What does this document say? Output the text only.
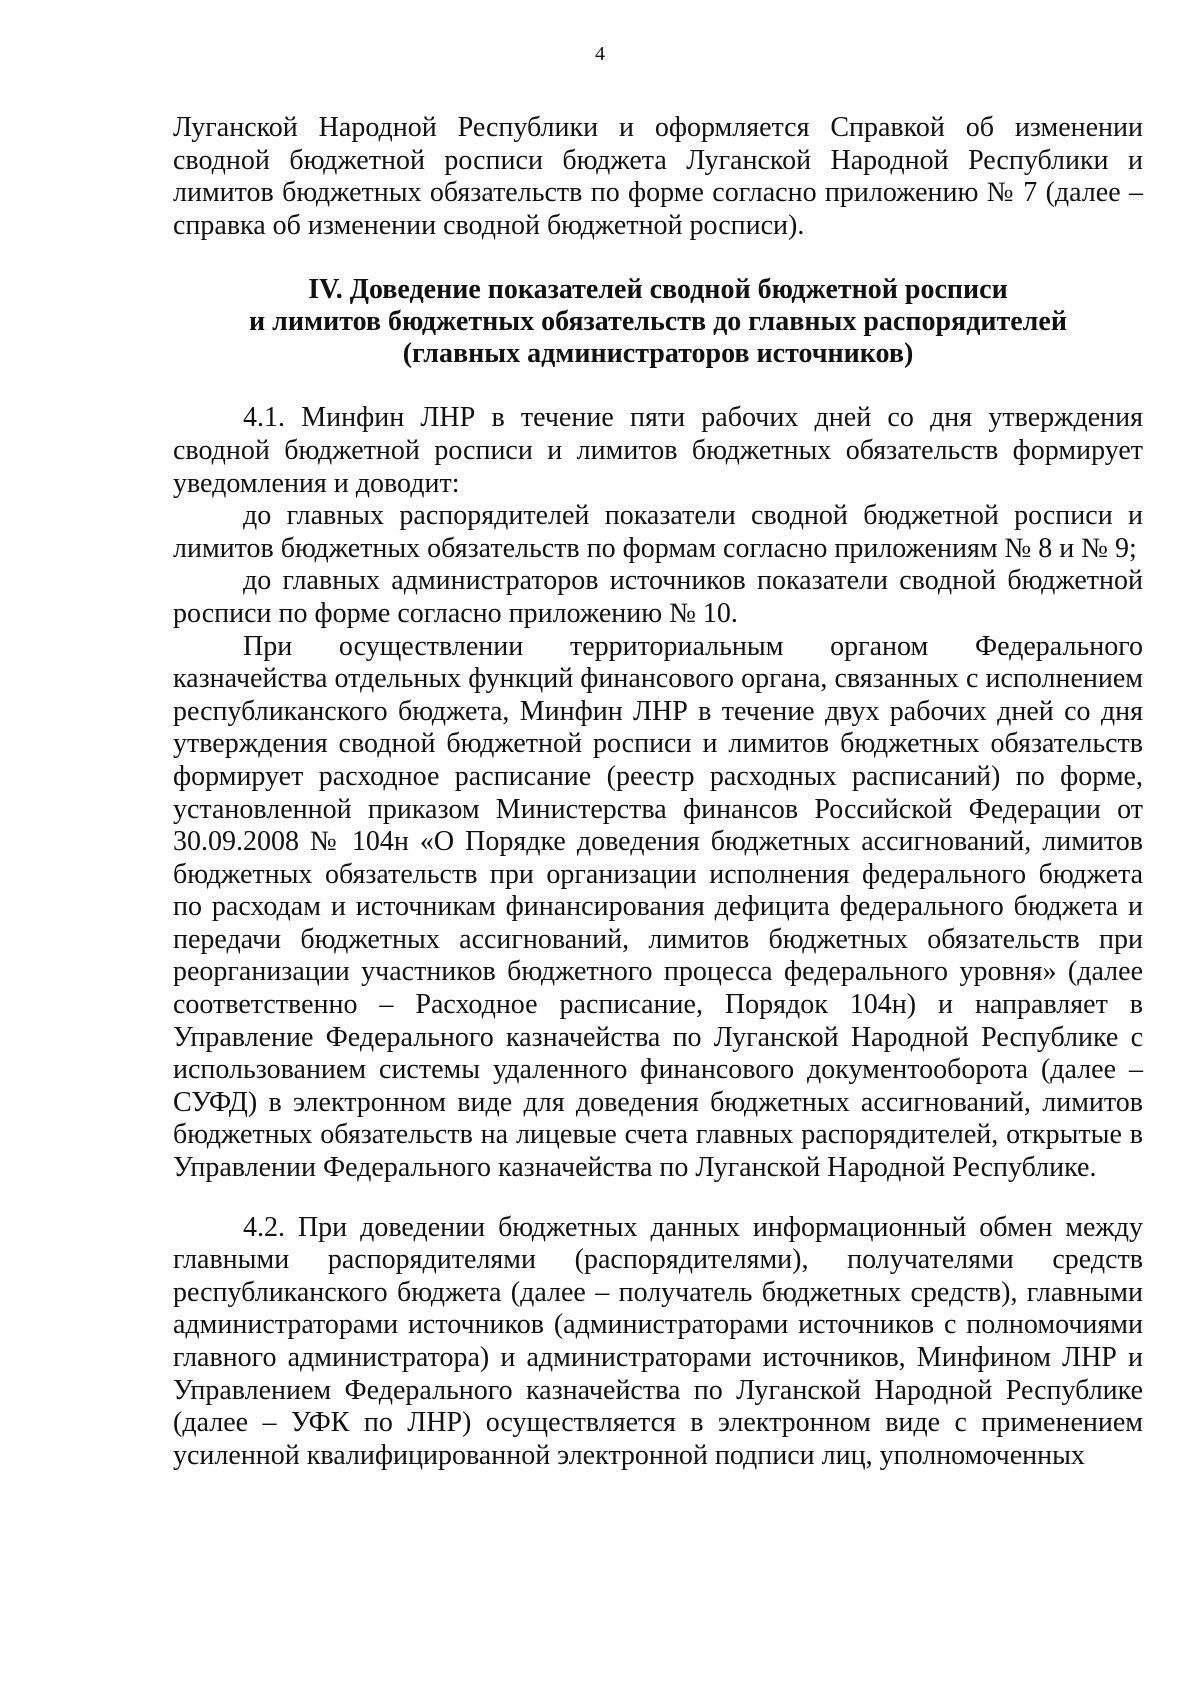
4

Луганской Народной Республики и оформляется Справкой об изменении сводной бюджетной росписи бюджета Луганской Народной Республики и лимитов бюджетных обязательств по форме согласно приложению № 7 (далее – справка об изменении сводной бюджетной росписи).

IV. Доведение показателей сводной бюджетной росписи
и лимитов бюджетных обязательств до главных распорядителей
(главных администраторов источников)

4.1. Минфин ЛНР в течение пяти рабочих дней со дня утверждения сводной бюджетной росписи и лимитов бюджетных обязательств формирует уведомления и доводит:

до главных распорядителей показатели сводной бюджетной росписи и лимитов бюджетных обязательств по формам согласно приложениям № 8 и № 9;

до главных администраторов источников показатели сводной бюджетной росписи по форме согласно приложению № 10.

При осуществлении территориальным органом Федерального казначейства отдельных функций финансового органа, связанных с исполнением республиканского бюджета, Минфин ЛНР в течение двух рабочих дней со дня утверждения сводной бюджетной росписи и лимитов бюджетных обязательств формирует расходное расписание (реестр расходных расписаний) по форме, установленной приказом Министерства финансов Российской Федерации от 30.09.2008 № 104н «О Порядке доведения бюджетных ассигнований, лимитов бюджетных обязательств при организации исполнения федерального бюджета по расходам и источникам финансирования дефицита федерального бюджета и передачи бюджетных ассигнований, лимитов бюджетных обязательств при реорганизации участников бюджетного процесса федерального уровня» (далее соответственно – Расходное расписание, Порядок 104н) и направляет в Управление Федерального казначейства по Луганской Народной Республике с использованием системы удаленного финансового документооборота (далее – СУФД) в электронном виде для доведения бюджетных ассигнований, лимитов бюджетных обязательств на лицевые счета главных распорядителей, открытые в Управлении Федерального казначейства по Луганской Народной Республике.

4.2. При доведении бюджетных данных информационный обмен между главными распорядителями (распорядителями), получателями средств республиканского бюджета (далее – получатель бюджетных средств), главными администраторами источников (администраторами источников с полномочиями главного администратора) и администраторами источников, Минфином ЛНР и Управлением Федерального казначейства по Луганской Народной Республике (далее – УФК по ЛНР) осуществляется в электронном виде с применением усиленной квалифицированной электронной подписи лиц, уполномоченных
